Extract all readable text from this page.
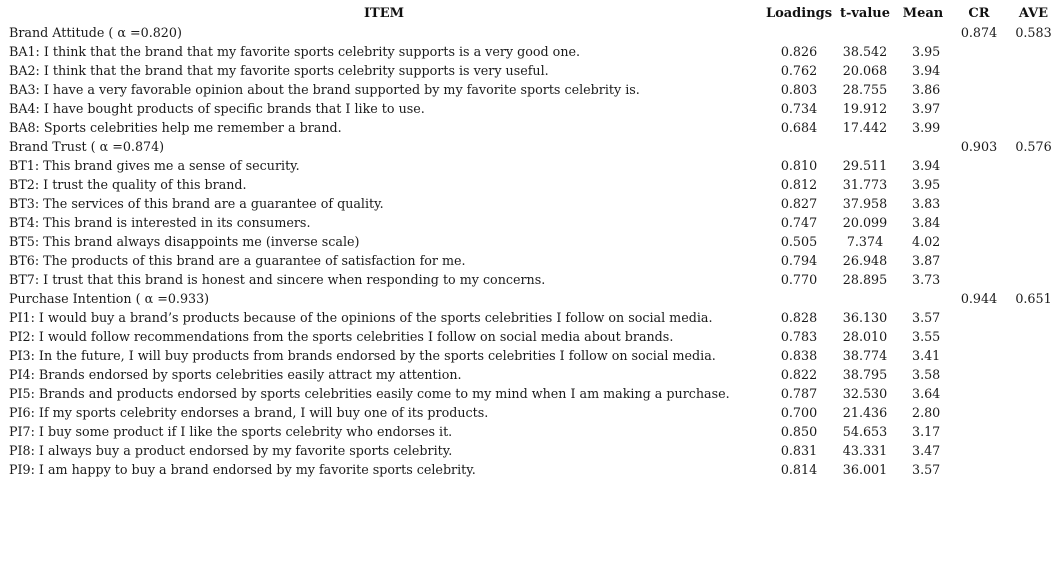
ITEM	Loadings	t-value	Mean	CR	AVE
Brand Attitude ( α =0.820)				0.874	0.583
BA1: I think that the brand that my favorite sports celebrity supports is a very good one.	0.826	38.542	3.95		
BA2: I think that the brand that my favorite sports celebrity supports is very useful.	0.762	20.068	3.94		
BA3: I have a very favorable opinion about the brand supported by my favorite sports celebrity is.	0.803	28.755	3.86		
BA4: I have bought products of specific brands that I like to use.	0.734	19.912	3.97		
BA8: Sports celebrities help me remember a brand.	0.684	17.442	3.99		
Brand Trust ( α =0.874)				0.903	0.576
BT1: This brand gives me a sense of security.	0.810	29.511	3.94		
BT2: I trust the quality of this brand.	0.812	31.773	3.95		
BT3: The services of this brand are a guarantee of quality.	0.827	37.958	3.83		
BT4: This brand is interested in its consumers.	0.747	20.099	3.84		
BT5: This brand always disappoints me (inverse scale)	0.505	7.374	4.02		
BT6: The products of this brand are a guarantee of satisfaction for me.	0.794	26.948	3.87		
BT7: I trust that this brand is honest and sincere when responding to my concerns.	0.770	28.895	3.73		
Purchase Intention ( α =0.933)				0.944	0.651
PI1: I would buy a brand’s products because of the opinions of the sports celebrities I follow on social media.	0.828	36.130	3.57		
PI2: I would follow recommendations from the sports celebrities I follow on social media about brands.	0.783	28.010	3.55		
PI3: In the future, I will buy products from brands endorsed by the sports celebrities I follow on social media.	0.838	38.774	3.41		
PI4: Brands endorsed by sports celebrities easily attract my attention.	0.822	38.795	3.58		
PI5: Brands and products endorsed by sports celebrities easily come to my mind when I am making a purchase.	0.787	32.530	3.64		
PI6: If my sports celebrity endorses a brand, I will buy one of its products.	0.700	21.436	2.80		
PI7: I buy some product if I like the sports celebrity who endorses it.	0.850	54.653	3.17		
PI8: I always buy a product endorsed by my favorite sports celebrity.	0.831	43.331	3.47		
PI9: I am happy to buy a brand endorsed by my favorite sports celebrity.	0.814	36.001	3.57		
